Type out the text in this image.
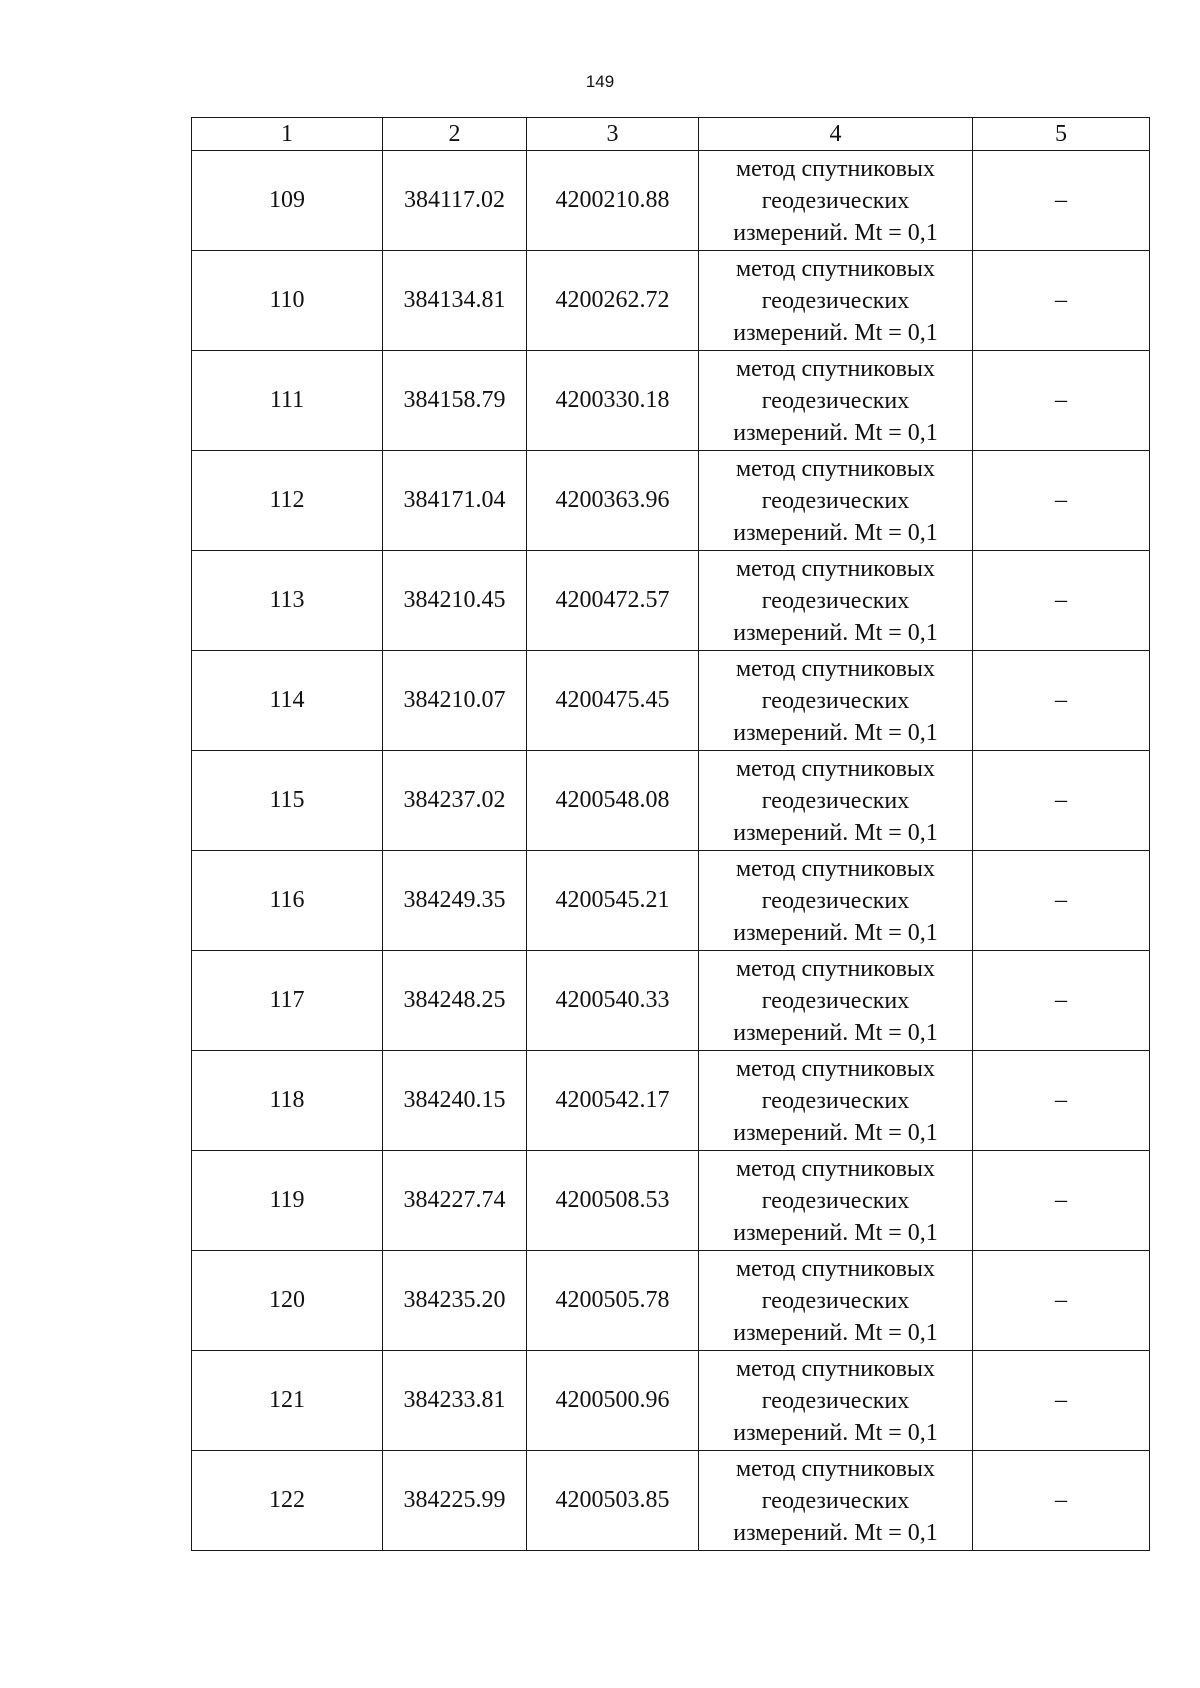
149
1	2	3	4	5
109	384117.02	4200210.88	метод спутниковых геодезических измерений. Mt = 0,1	–
110	384134.81	4200262.72	метод спутниковых геодезических измерений. Mt = 0,1	–
111	384158.79	4200330.18	метод спутниковых геодезических измерений. Mt = 0,1	–
112	384171.04	4200363.96	метод спутниковых геодезических измерений. Mt = 0,1	–
113	384210.45	4200472.57	метод спутниковых геодезических измерений. Mt = 0,1	–
114	384210.07	4200475.45	метод спутниковых геодезических измерений. Mt = 0,1	–
115	384237.02	4200548.08	метод спутниковых геодезических измерений. Mt = 0,1	–
116	384249.35	4200545.21	метод спутниковых геодезических измерений. Mt = 0,1	–
117	384248.25	4200540.33	метод спутниковых геодезических измерений. Mt = 0,1	–
118	384240.15	4200542.17	метод спутниковых геодезических измерений. Mt = 0,1	–
119	384227.74	4200508.53	метод спутниковых геодезических измерений. Mt = 0,1	–
120	384235.20	4200505.78	метод спутниковых геодезических измерений. Mt = 0,1	–
121	384233.81	4200500.96	метод спутниковых геодезических измерений. Mt = 0,1	–
122	384225.99	4200503.85	метод спутниковых геодезических измерений. Mt = 0,1	–
